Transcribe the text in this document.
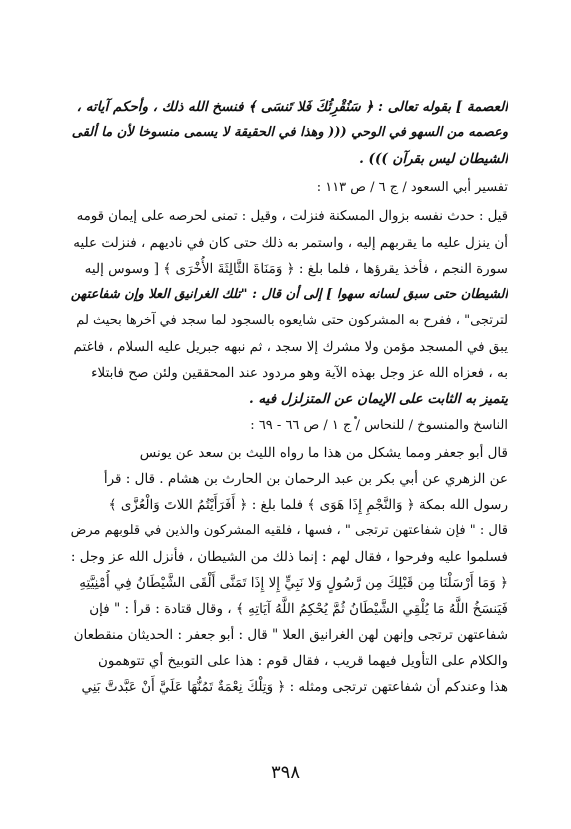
العصمة ] بقوله تعالى : ﴿ سَنُقْرِئُكَ فَلا تَنسَى ﴾ فنسخ الله ذلك ، وأحكم آياته ،
وعصمه من السهو في الوحي ((( وهذا في الحقيقة لا يسمى منسوخا لأن ما ألقى
الشيطان ليس بقرآن ))) .
تفسير أبي السعود / ج ٦ / ص ١١٣ :
قيل : حدث نفسه بزوال المسكنة فنزلت ، وقيل : تمنى لحرصه على إيمان قومه
أن ينزل عليه ما يقربهم إليه ، واستمر به ذلك حتى كان في ناديهم ، فنزلت عليه
سورة النجم ، فأخذ يقرؤها ، فلما بلغ : ﴿ وَمَنَاةَ الثَّالِثَةَ الأُخْرَى ﴾ [ وسوس إليه
الشيطان حتى سبق لسانه سهوا ] إلى أن قال : "تلك الغرانيق العلا وإن شفاعتهن
لترتجى" ، ففرح به المشركون حتى شايعوه بالسجود لما سجد في آخرها بحيث لم
يبق في المسجد مؤمن ولا مشرك إلا سجد ، ثم نبهه جبريل عليه السلام ، فاغتم
به ، فعزاه الله عز وجل بهذه الآية وهو مردود عند المحققين ولئن صح فابتلاء
يتميز به الثابت على الإيمان عن المتزلزل فيه .
الناسخ والمنسوخ / للنحاس / ج ١ / ص ٦٦ - ٦٩ :
قال أبو جعفر ومما يشكل من هذا ما رواه الليث بن سعد عن يونس
عن الزهري عن أبي بكر بن عبد الرحمان بن الحارث بن هشام . قال : قرأ
رسول الله بمكة ﴿ وَالنَّجْمِ إِذَا هَوَى ﴾ فلما بلغ : ﴿ أَفَرَأَيْتُمُ اللاتَ وَالْعُزَّى ﴾
قال : " فإن شفاعتهن ترتجى " ، فسها ، فلقيه المشركون والذين في قلوبهم مرض
فسلموا عليه وفرحوا ، فقال لهم : إنما ذلك من الشيطان ، فأنزل الله عز وجل :
﴿ وَمَا أَرْسَلْنَا مِن قَبْلِكَ مِن رَّسُولٍ وَلا نَبِيٍّ إِلا إِذَا تَمَنَّى أَلْقَى الشَّيْطَانُ فِي أُمْنِيَّتِهِ
فَيَنسَخُ اللَّهُ مَا يُلْقِي الشَّيْطَانُ ثُمَّ يُحْكِمُ اللَّهُ آيَاتِهِ ﴾ ، وقال قتادة : قرأ : " فإن
شفاعتهن ترتجى وإنهن لهن الغرانيق العلا " قال : أبو جعفر : الحديثان منقطعان
والكلام على التأويل فيهما قريب ، فقال قوم : هذا على التوبيخ أي تتوهمون
هذا وعندكم أن شفاعتهن ترتجى ومثله : ﴿ وَتِلْكَ نِعْمَةٌ تَمُنُّهَا عَلَيَّ أَنْ عَبَّدتَّ بَنِي
٣٩٨
